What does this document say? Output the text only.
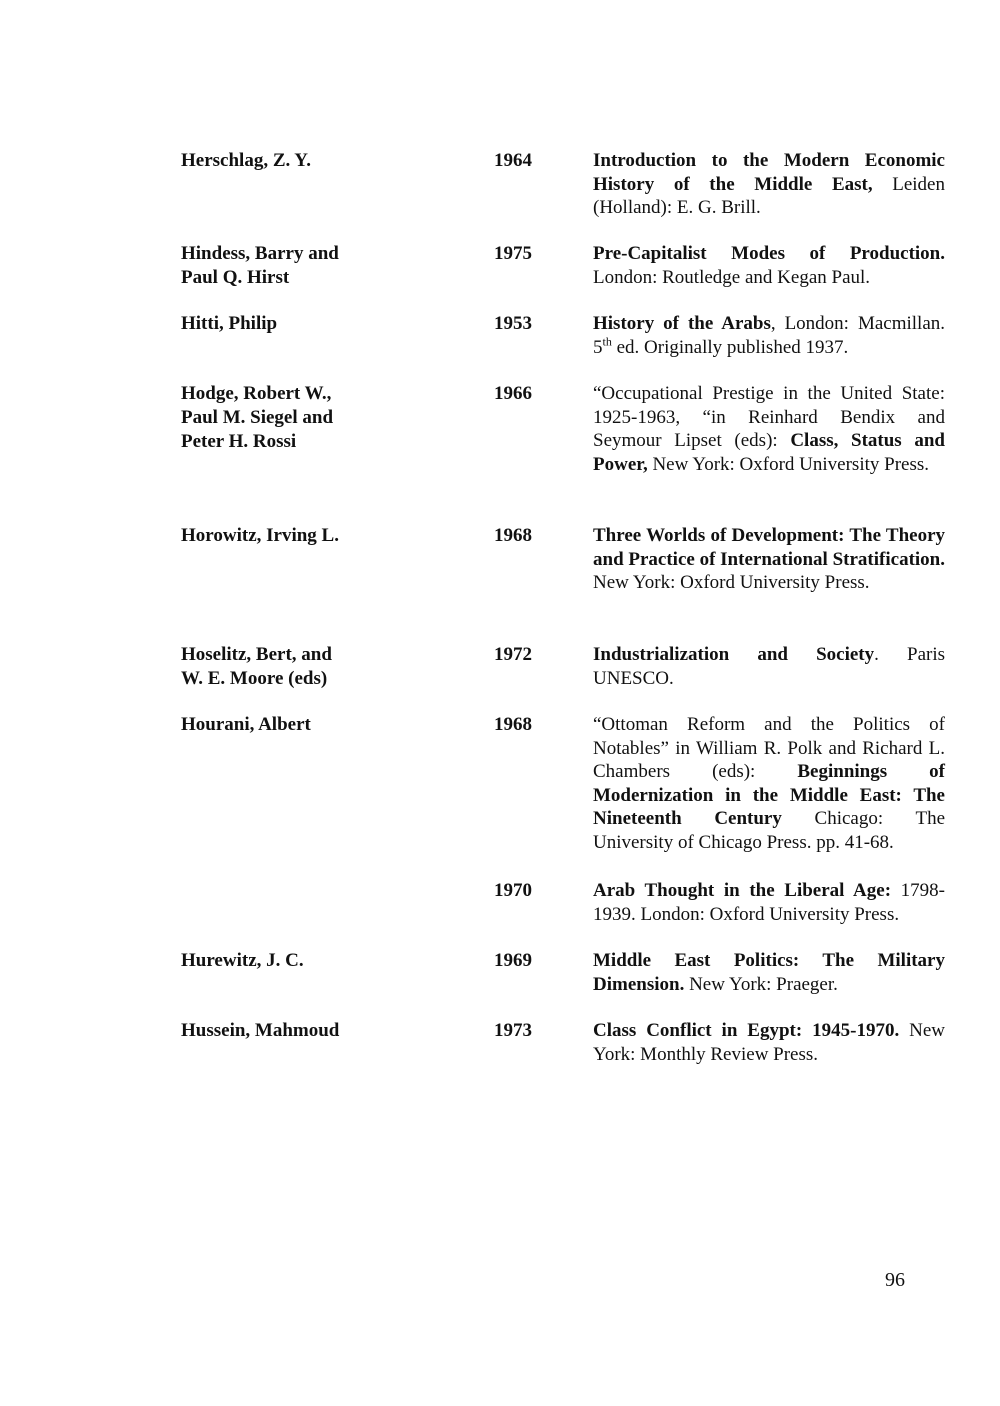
Herschlag, Z. Y.	1964	Introduction to the Modern Economic History of the Middle East, Leiden (Holland): E. G. Brill.
Hindess, Barry and
Paul Q. Hirst
1975	Pre-Capitalist Modes of Production. London: Routledge and Kegan Paul.
Hitti, Philip	1953	History of the Arabs, London: Macmillan. 5th ed. Originally published 1937.
Hodge, Robert W.,
Paul M. Siegel and
Peter H. Rossi
1966	“Occupational Prestige in the United State: 1925-1963, “in Reinhard Bendix and Seymour Lipset (eds): Class, Status and Power, New York: Oxford University Press.
Horowitz, Irving L.	1968	Three Worlds of Development: The Theory and Practice of International Stratification. New York: Oxford University Press.
Hoselitz, Bert, and
W. E. Moore (eds)
1972	Industrialization and Society. Paris UNESCO.
Hourani, Albert	1968	“Ottoman Reform and the Politics of Notables” in William R. Polk and Richard L. Chambers (eds): Beginnings of Modernization in the Middle East: The Nineteenth Century Chicago: The University of Chicago Press. pp. 41-68.
1970	Arab Thought in the Liberal Age: 1798-1939. London: Oxford University Press.
Hurewitz, J. C.	1969	Middle East Politics: The Military Dimension. New York: Praeger.
Hussein, Mahmoud	1973	Class Conflict in Egypt: 1945-1970. New York: Monthly Review Press.
96
